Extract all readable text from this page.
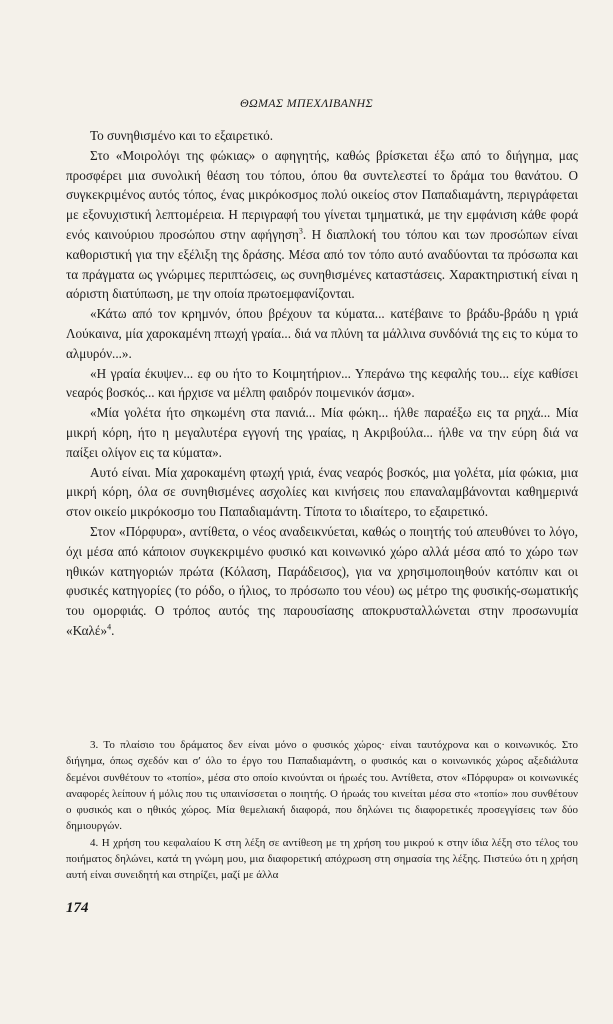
ΘΩΜΑΣ ΜΠΕΧΛΙΒΑΝΗΣ

Το συνηθισμένο και το εξαιρετικό.

Στο «Μοιρολόγι της φώκιας» ο αφηγητής, καθώς βρίσκεται έξω από το διήγημα, μας προσφέρει μια συνολική θέαση του τόπου, όπου θα συντελεστεί το δράμα του θανάτου. Ο συγκεκριμένος αυτός τόπος, ένας μικρόκοσμος πολύ οικείος στον Παπαδιαμάντη, περιγράφεται με εξονυχιστική λεπτομέρεια. Η περιγραφή του γίνεται τμηματικά, με την εμφάνιση κάθε φορά ενός καινούριου προσώπου στην αφήγηση$^3$. Η διαπλοκή του τόπου και των προσώπων είναι καθοριστική για την εξέλιξη της δράσης. Μέσα από τον τόπο αυτό αναδύονται τα πρόσωπα και τα πράγματα ως γνώριμες περιπτώσεις, ως συνηθισμένες καταστάσεις. Χαρακτηριστική είναι η αόριστη διατύπωση, με την οποία πρωτοεμφανίζονται.

«Κάτω από τον κρημνόν, όπου βρέχουν τα κύματα... κατέβαινε το βράδυ-βράδυ η γριά Λούκαινα, μία χαροκαμένη πτωχή γραία... διά να πλύνη τα μάλλινα συνδόνιά της εις το κύμα το αλμυρόν...».

«Η γραία έκυψεν... εφ ου ήτο το Κοιμητήριον... Υπεράνω της κεφαλής του... είχε καθίσει νεαρός βοσκός... και ήρχισε να μέλπη φαιδρόν ποιμενικόν άσμα».

«Μία γολέτα ήτο σηκωμένη στα πανιά... Μία φώκη... ήλθε παραέξω εις τα ρηχά... Μία μικρή κόρη, ήτο η μεγαλυτέρα εγγονή της γραίας, η Ακριβούλα... ήλθε να την εύρη διά να παίξει ολίγον εις τα κύματα».

Αυτό είναι. Μία χαροκαμένη φτωχή γριά, ένας νεαρός βοσκός, μια γολέτα, μία φώκια, μια μικρή κόρη, όλα σε συνηθισμένες ασχολίες και κινήσεις που επαναλαμβάνονται καθημερινά στον οικείο μικρόκοσμο του Παπαδιαμάντη. Τίποτα το ιδιαίτερο, το εξαιρετικό.

Στον «Πόρφυρα», αντίθετα, ο νέος αναδεικνύεται, καθώς ο ποιητής τού απευθύνει το λόγο, όχι μέσα από κάποιον συγκεκριμένο φυσικό και κοινωνικό χώρο αλλά μέσα από το χώρο των ηθικών κατηγοριών πρώτα (Κόλαση, Παράδεισος), για να χρησιμοποιηθούν κατόπιν και οι φυσικές κατηγορίες (το ρόδο, ο ήλιος, το πρόσωπο του νέου) ως μέτρο της φυσικής-σωματικής του ομορφιάς. Ο τρόπος αυτός της παρουσίασης αποκρυσταλλώνεται στην προσωνυμία «Καλέ»$^4$.

3. Το πλαίσιο του δράματος δεν είναι μόνο ο φυσικός χώρος· είναι ταυτόχρονα και ο κοινωνικός. Στο διήγημα, όπως σχεδόν και σ' όλο το έργο του Παπαδιαμάντη, ο φυσικός και ο κοινωνικός χώρος αξεδιάλυτα δεμένοι συνθέτουν το «τοπίο», μέσα στο οποίο κινούνται οι ήρωές του. Αντίθετα, στον «Πόρφυρα» οι κοινωνικές αναφορές λείπουν ή μόλις που τις υπαινίσσεται ο ποιητής. Ο ήρωάς του κινείται μέσα στο «τοπίο» που συνθέτουν ο φυσικός και ο ηθικός χώρος. Μία θεμελιακή διαφορά, που δηλώνει τις διαφορετικές προσεγγίσεις των δύο δημιουργών.

4. Η χρήση του κεφαλαίου Κ στη λέξη σε αντίθεση με τη χρήση του μικρού κ στην ίδια λέξη στο τέλος του ποιήματος δηλώνει, κατά τη γνώμη μου, μια διαφορετική απόχρωση στη σημασία της λέξης. Πιστεύω ότι η χρήση αυτή είναι συνειδητή και στηρίζει, μαζί με άλλα

174
